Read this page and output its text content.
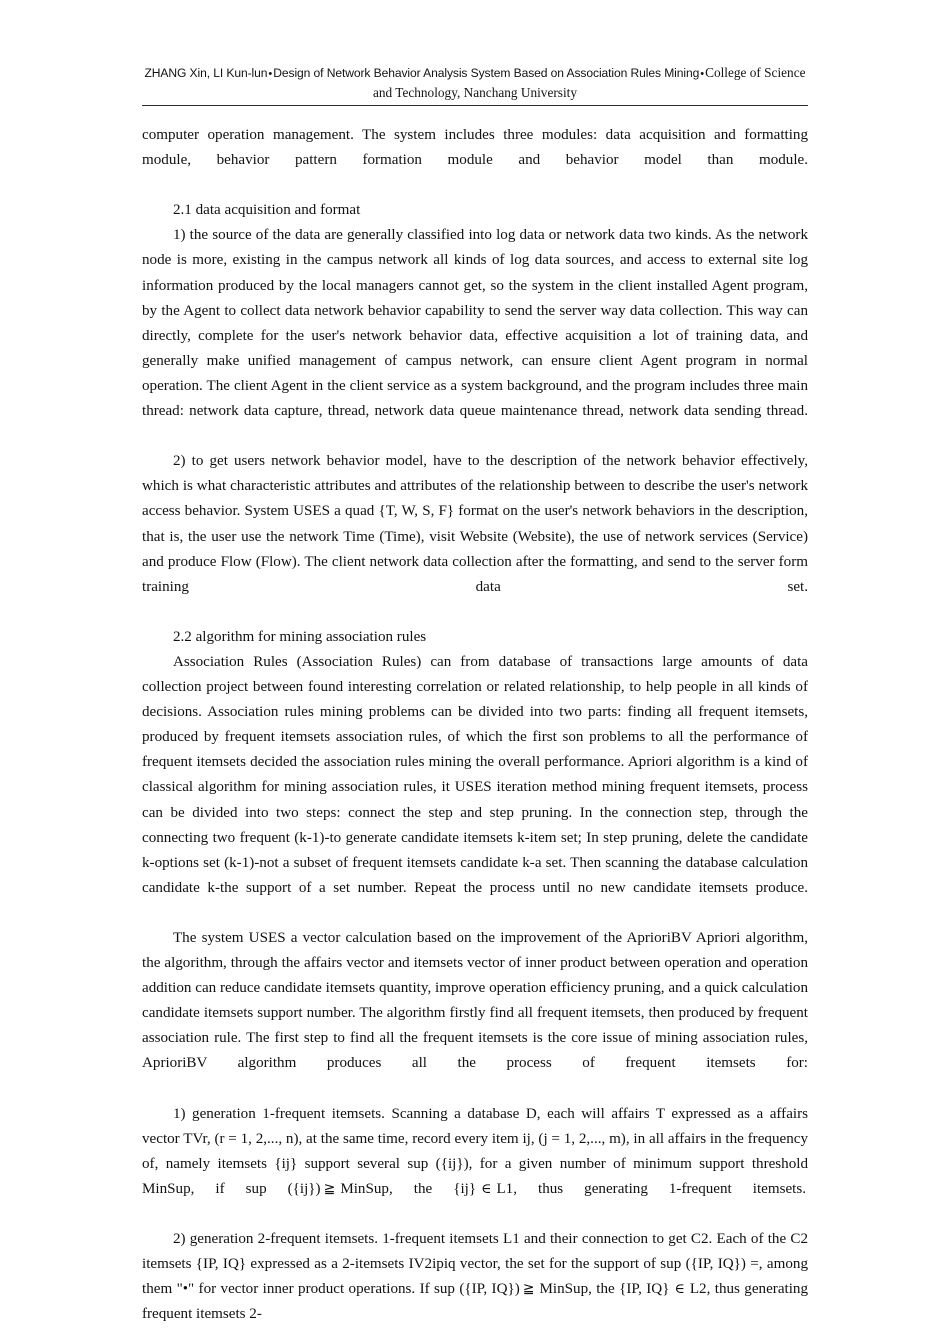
ZHANG Xin, LI Kun-lun•Design of Network Behavior Analysis System Based on Association Rules Mining•College of Science and Technology, Nanchang University

computer operation management. The system includes three modules: data acquisition and formatting module, behavior pattern formation module and behavior model than module.

2.1 data acquisition and format

1) the source of the data are generally classified into log data or network data two kinds. As the network node is more, existing in the campus network all kinds of log data sources, and access to external site log information produced by the local managers cannot get, so the system in the client installed Agent program, by the Agent to collect data network behavior capability to send the server way data collection. This way can directly, complete for the user's network behavior data, effective acquisition a lot of training data, and generally make unified management of campus network, can ensure client Agent program in normal operation. The client Agent in the client service as a system background, and the program includes three main thread: network data capture, thread, network data queue maintenance thread, network data sending thread.

2) to get users network behavior model, have to the description of the network behavior effectively, which is what characteristic attributes and attributes of the relationship between to describe the user's network access behavior. System USES a quad {T, W, S, F} format on the user's network behaviors in the description, that is, the user use the network Time (Time), visit Website (Website), the use of network services (Service) and produce Flow (Flow). The client network data collection after the formatting, and send to the server form training data set.

2.2 algorithm for mining association rules

Association Rules (Association Rules) can from database of transactions large amounts of data collection project between found interesting correlation or related relationship, to help people in all kinds of decisions. Association rules mining problems can be divided into two parts: finding all frequent itemsets, produced by frequent itemsets association rules, of which the first son problems to all the performance of frequent itemsets decided the association rules mining the overall performance. Apriori algorithm is a kind of classical algorithm for mining association rules, it USES iteration method mining frequent itemsets, process can be divided into two steps: connect the step and step pruning. In the connection step, through the connecting two frequent (k-1)-to generate candidate itemsets k-item set; In step pruning, delete the candidate k-options set (k-1)-not a subset of frequent itemsets candidate k-a set. Then scanning the database calculation candidate k-the support of a set number. Repeat the process until no new candidate itemsets produce.

The system USES a vector calculation based on the improvement of the AprioriBV Apriori algorithm, the algorithm, through the affairs vector and itemsets vector of inner product between operation and operation addition can reduce candidate itemsets quantity, improve operation efficiency pruning, and a quick calculation candidate itemsets support number. The algorithm firstly find all frequent itemsets, then produced by frequent association rule. The first step to find all the frequent itemsets is the core issue of mining association rules, AprioriBV algorithm produces all the process of frequent itemsets for:

1) generation 1-frequent itemsets. Scanning a database D, each will affairs T expressed as a affairs vector TVr, (r = 1, 2,..., n), at the same time, record every item ij, (j = 1, 2,..., m), in all affairs in the frequency of, namely itemsets {ij} support several sup ({ij}), for a given number of minimum support threshold MinSup, if sup ({ij}) ≧ MinSup, the {ij} ∈ L1, thus generating 1-frequent itemsets.

2) generation 2-frequent itemsets. 1-frequent itemsets L1 and their connection to get C2. Each of the C2 itemsets {IP, IQ} expressed as a 2-itemsets IV2ipiq vector, the set for the support of sup ({IP, IQ}) =, among them "•" for vector inner product operations. If sup ({IP, IQ}) ≧ MinSup, the {IP, IQ} ∈ L2, thus generating frequent itemsets 2-
